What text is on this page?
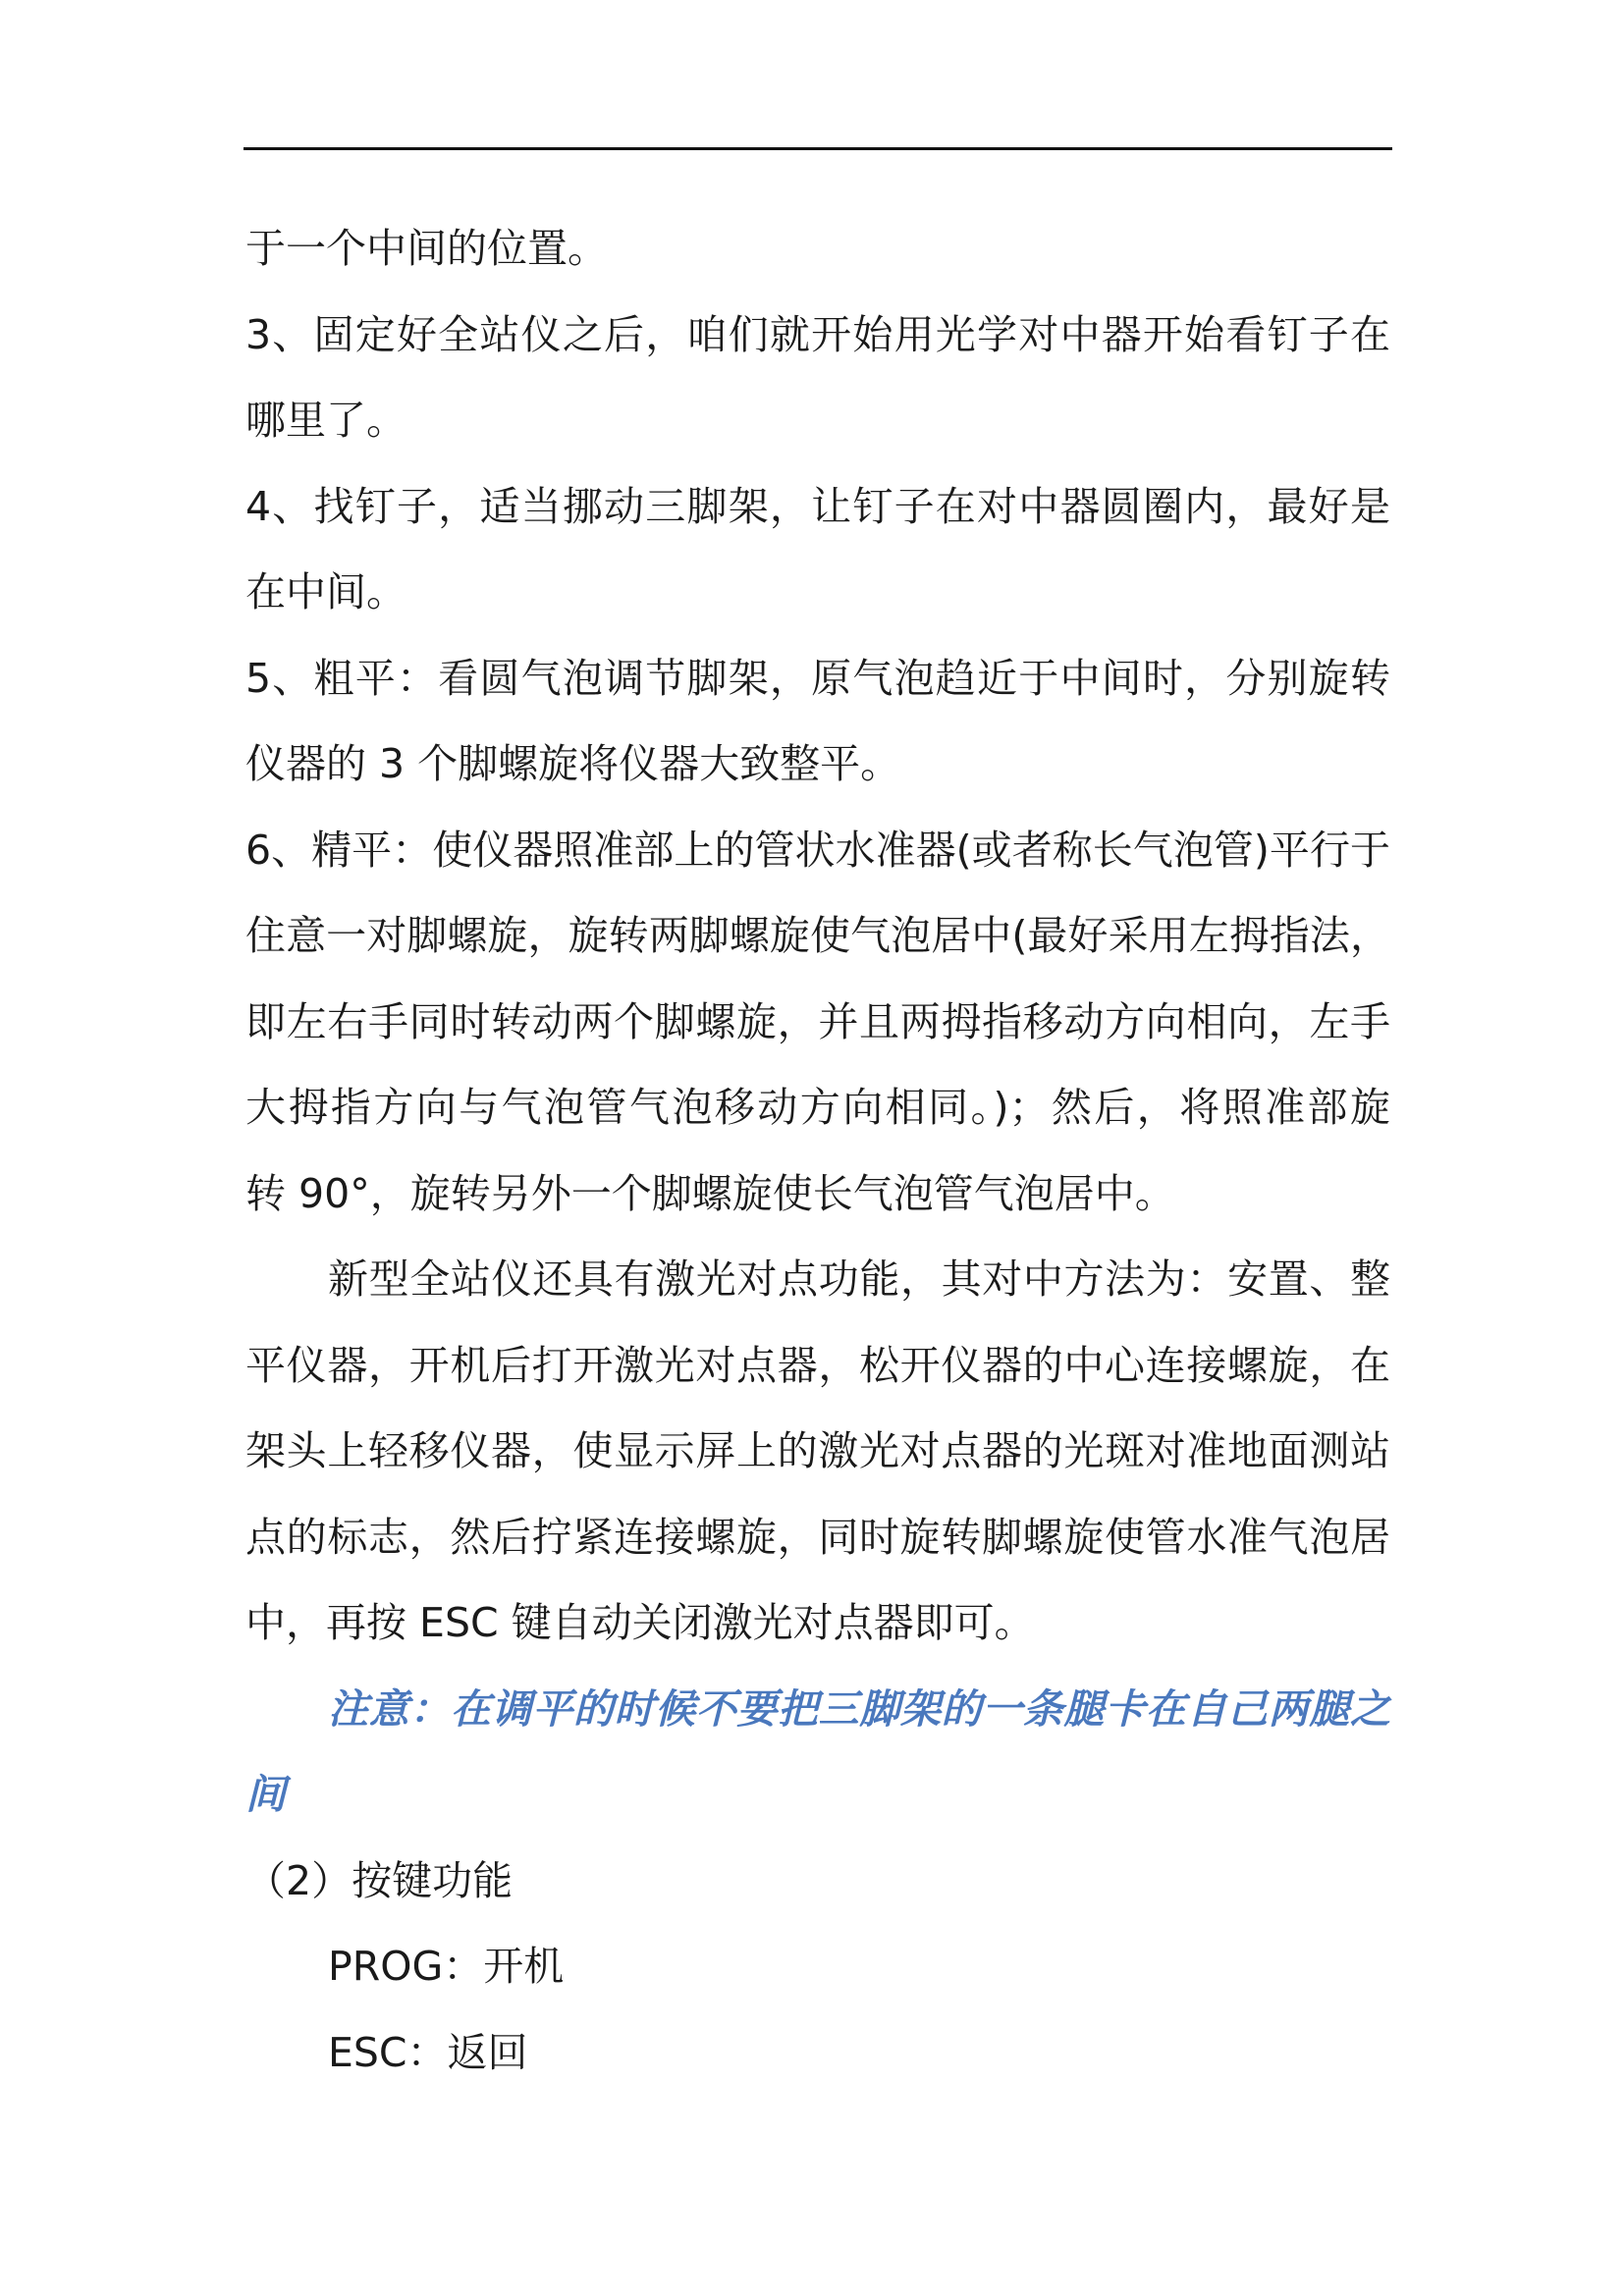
于一个中间的位置。
3、固定好全站仪之后，咱们就开始用光学对中器开始看钉子在
哪里了。
4、找钉子，适当挪动三脚架，让钉子在对中器圆圈内，最好是
在中间。
5、粗平：看圆气泡调节脚架，原气泡趋近于中间时，分别旋转
仪器的 3 个脚螺旋将仪器大致整平。
6、精平：使仪器照准部上的管状水准器(或者称长气泡管)平行于
住意一对脚螺旋，旋转两脚螺旋使气泡居中(最好采用左拇指法，
即左右手同时转动两个脚螺旋，并且两拇指移动方向相向，左手
大拇指方向与气泡管气泡移动方向相同。)；然后，将照准部旋
转 90°，旋转另外一个脚螺旋使长气泡管气泡居中。
新型全站仪还具有激光对点功能，其对中方法为：安置、整
平仪器，开机后打开激光对点器，松开仪器的中心连接螺旋，在
架头上轻移仪器，使显示屏上的激光对点器的光斑对准地面测站
点的标志，然后拧紧连接螺旋，同时旋转脚螺旋使管水准气泡居
中，再按 ESC 键自动关闭激光对点器即可。
注意：在调平的时候不要把三脚架的一条腿卡在自己两腿之
间
（2）按键功能
PROG：开机
ESC：返回
